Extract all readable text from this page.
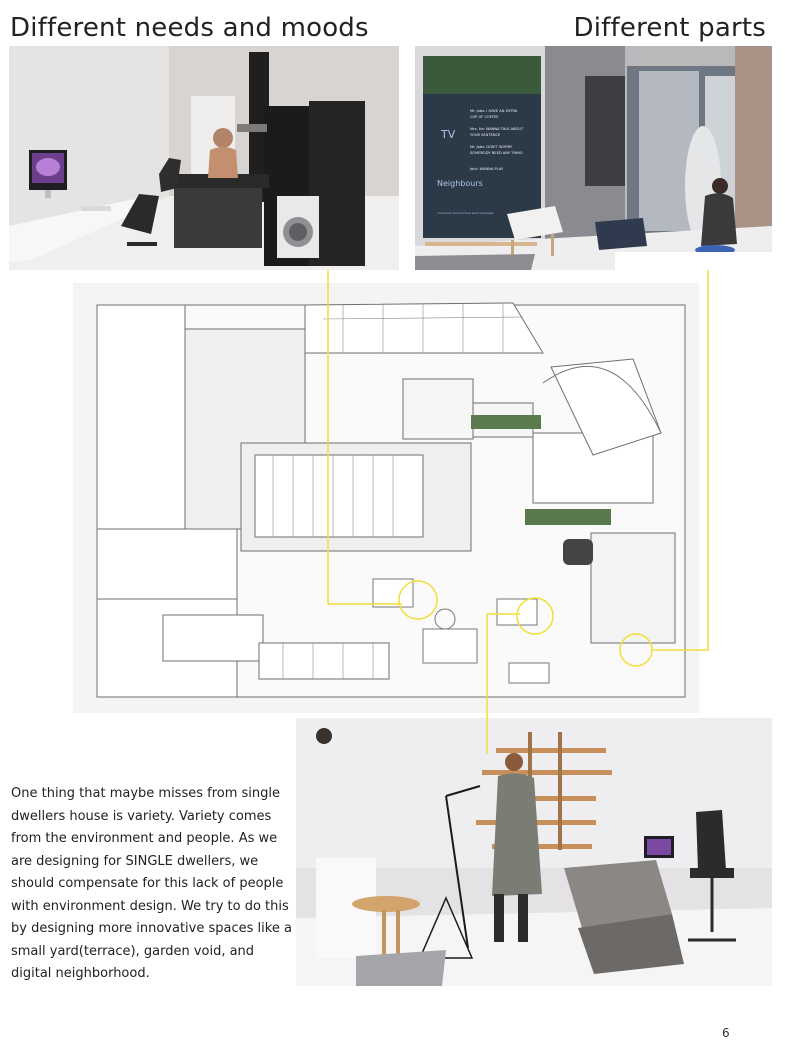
Different needs and moods	Different parts
TV
Neighbours
Mr. Jobs: I HAVE AN EXTRA
CUP OF COFFEE
Mrs. Ha: WANNA TALK ABOUT
YOUR SENTENCE
Mr. Jobs: DON'T WORRY
SOMEBODY NEED ANY THING
Jack: WANNA PLAY
comment send picture send message

One thing that maybe misses from single dwellers house is variety. Variety comes from the environment and people. As we are designing for SINGLE dwellers, we should compensate for this lack of people with environment design. We try to do this by designing more innovative spaces like a small yard(terrace), garden void, and digital neighborhood.

6
